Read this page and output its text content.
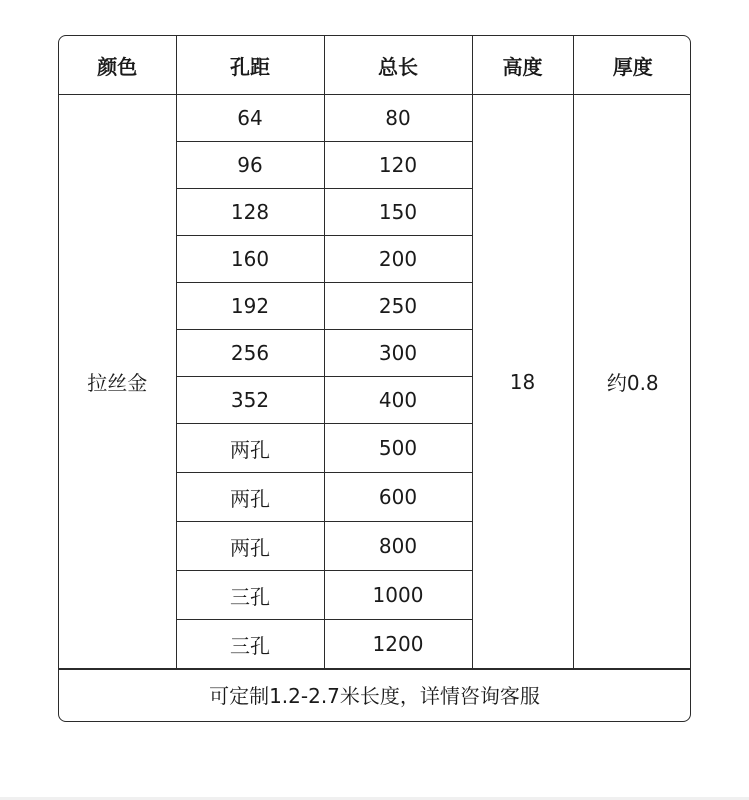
颜色	孔距	总长	高度	厚度
拉丝金	64	80	18	约0.8
	96	120		
	128	150		
	160	200		
	192	250		
	256	300		
	352	400		
	两孔	500		
	两孔	600		
	两孔	800		
	三孔	1000		
	三孔	1200		
可定制1.2-2.7米长度，详情咨询客服
